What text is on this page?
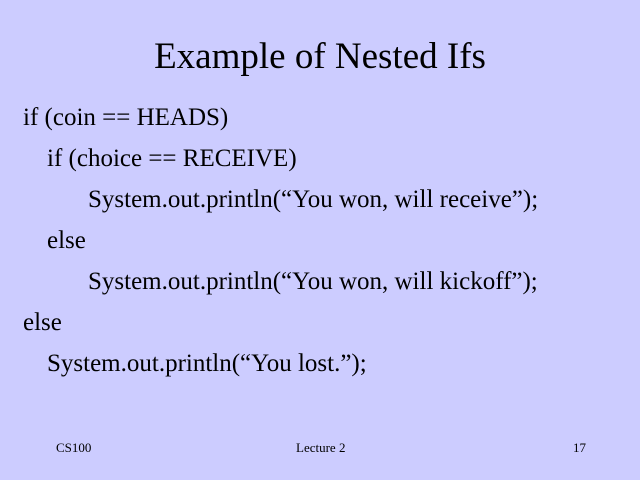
Example of Nested Ifs
if (coin == HEADS)
if (choice == RECEIVE)
System.out.println(“You won, will receive”);
else
System.out.println(“You won, will kickoff”);
else
System.out.println(“You lost.”);
CS100	Lecture 2	17
